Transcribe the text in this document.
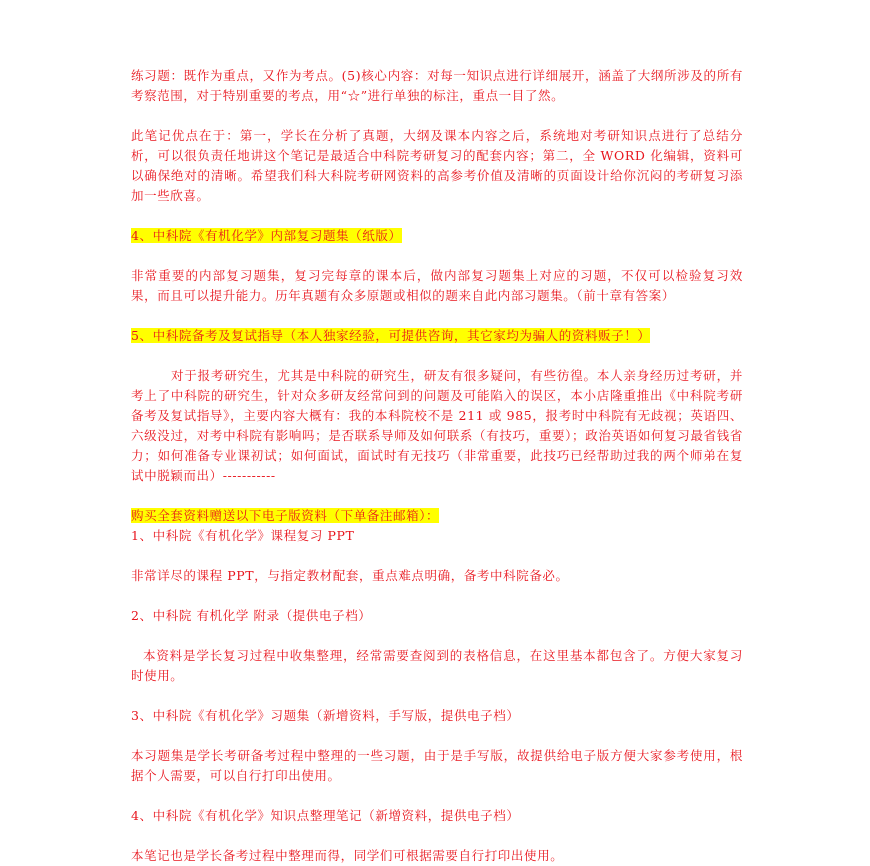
练习题：既作为重点，又作为考点。(5)核心内容：对每一知识点进行详细展开，涵盖了大纲所涉及的所有考察范围，对于特别重要的考点，用“☆”进行单独的标注，重点一目了然。

此笔记优点在于：第一，学长在分析了真题，大纲及课本内容之后，系统地对考研知识点进行了总结分析，可以很负责任地讲这个笔记是最适合中科院考研复习的配套内容；第二，全 WORD 化编辑，资料可以确保绝对的清晰。希望我们科大科院考研网资料的高参考价值及清晰的页面设计给你沉闷的考研复习添加一些欣喜。

4、中科院《有机化学》内部复习题集（纸版）

非常重要的内部复习题集，复习完每章的课本后，做内部复习题集上对应的习题，不仅可以检验复习效果，而且可以提升能力。历年真题有众多原题或相似的题来自此内部习题集。（前十章有答案）

5、中科院备考及复试指导（本人独家经验，可提供咨询，其它家均为骗人的资料贩子！）

对于报考研究生，尤其是中科院的研究生，研友有很多疑问，有些彷徨。本人亲身经历过考研，并考上了中科院的研究生，针对众多研友经常问到的问题及可能陷入的误区，本小店隆重推出《中科院考研备考及复试指导》，主要内容大概有：我的本科院校不是 211 或 985，报考时中科院有无歧视；英语四、六级没过，对考中科院有影响吗；是否联系导师及如何联系（有技巧，重要）；政治英语如何复习最省钱省力；如何准备专业课初试；如何面试，面试时有无技巧（非常重要，此技巧已经帮助过我的两个师弟在复试中脱颖而出）-----------

购买全套资料赠送以下电子版资料（下单备注邮箱）：

1、中科院《有机化学》课程复习 PPT

非常详尽的课程 PPT，与指定教材配套，重点难点明确，备考中科院备必。

2、中科院 有机化学 附录（提供电子档）

本资料是学长复习过程中收集整理，经常需要查阅到的表格信息，在这里基本都包含了。方便大家复习时使用。

3、中科院《有机化学》习题集（新增资料，手写版，提供电子档）

本习题集是学长考研备考过程中整理的一些习题，由于是手写版，故提供给电子版方便大家参考使用，根据个人需要，可以自行打印出使用。

4、中科院《有机化学》知识点整理笔记（新增资料，提供电子档）

本笔记也是学长备考过程中整理而得，同学们可根据需要自行打印出使用。
